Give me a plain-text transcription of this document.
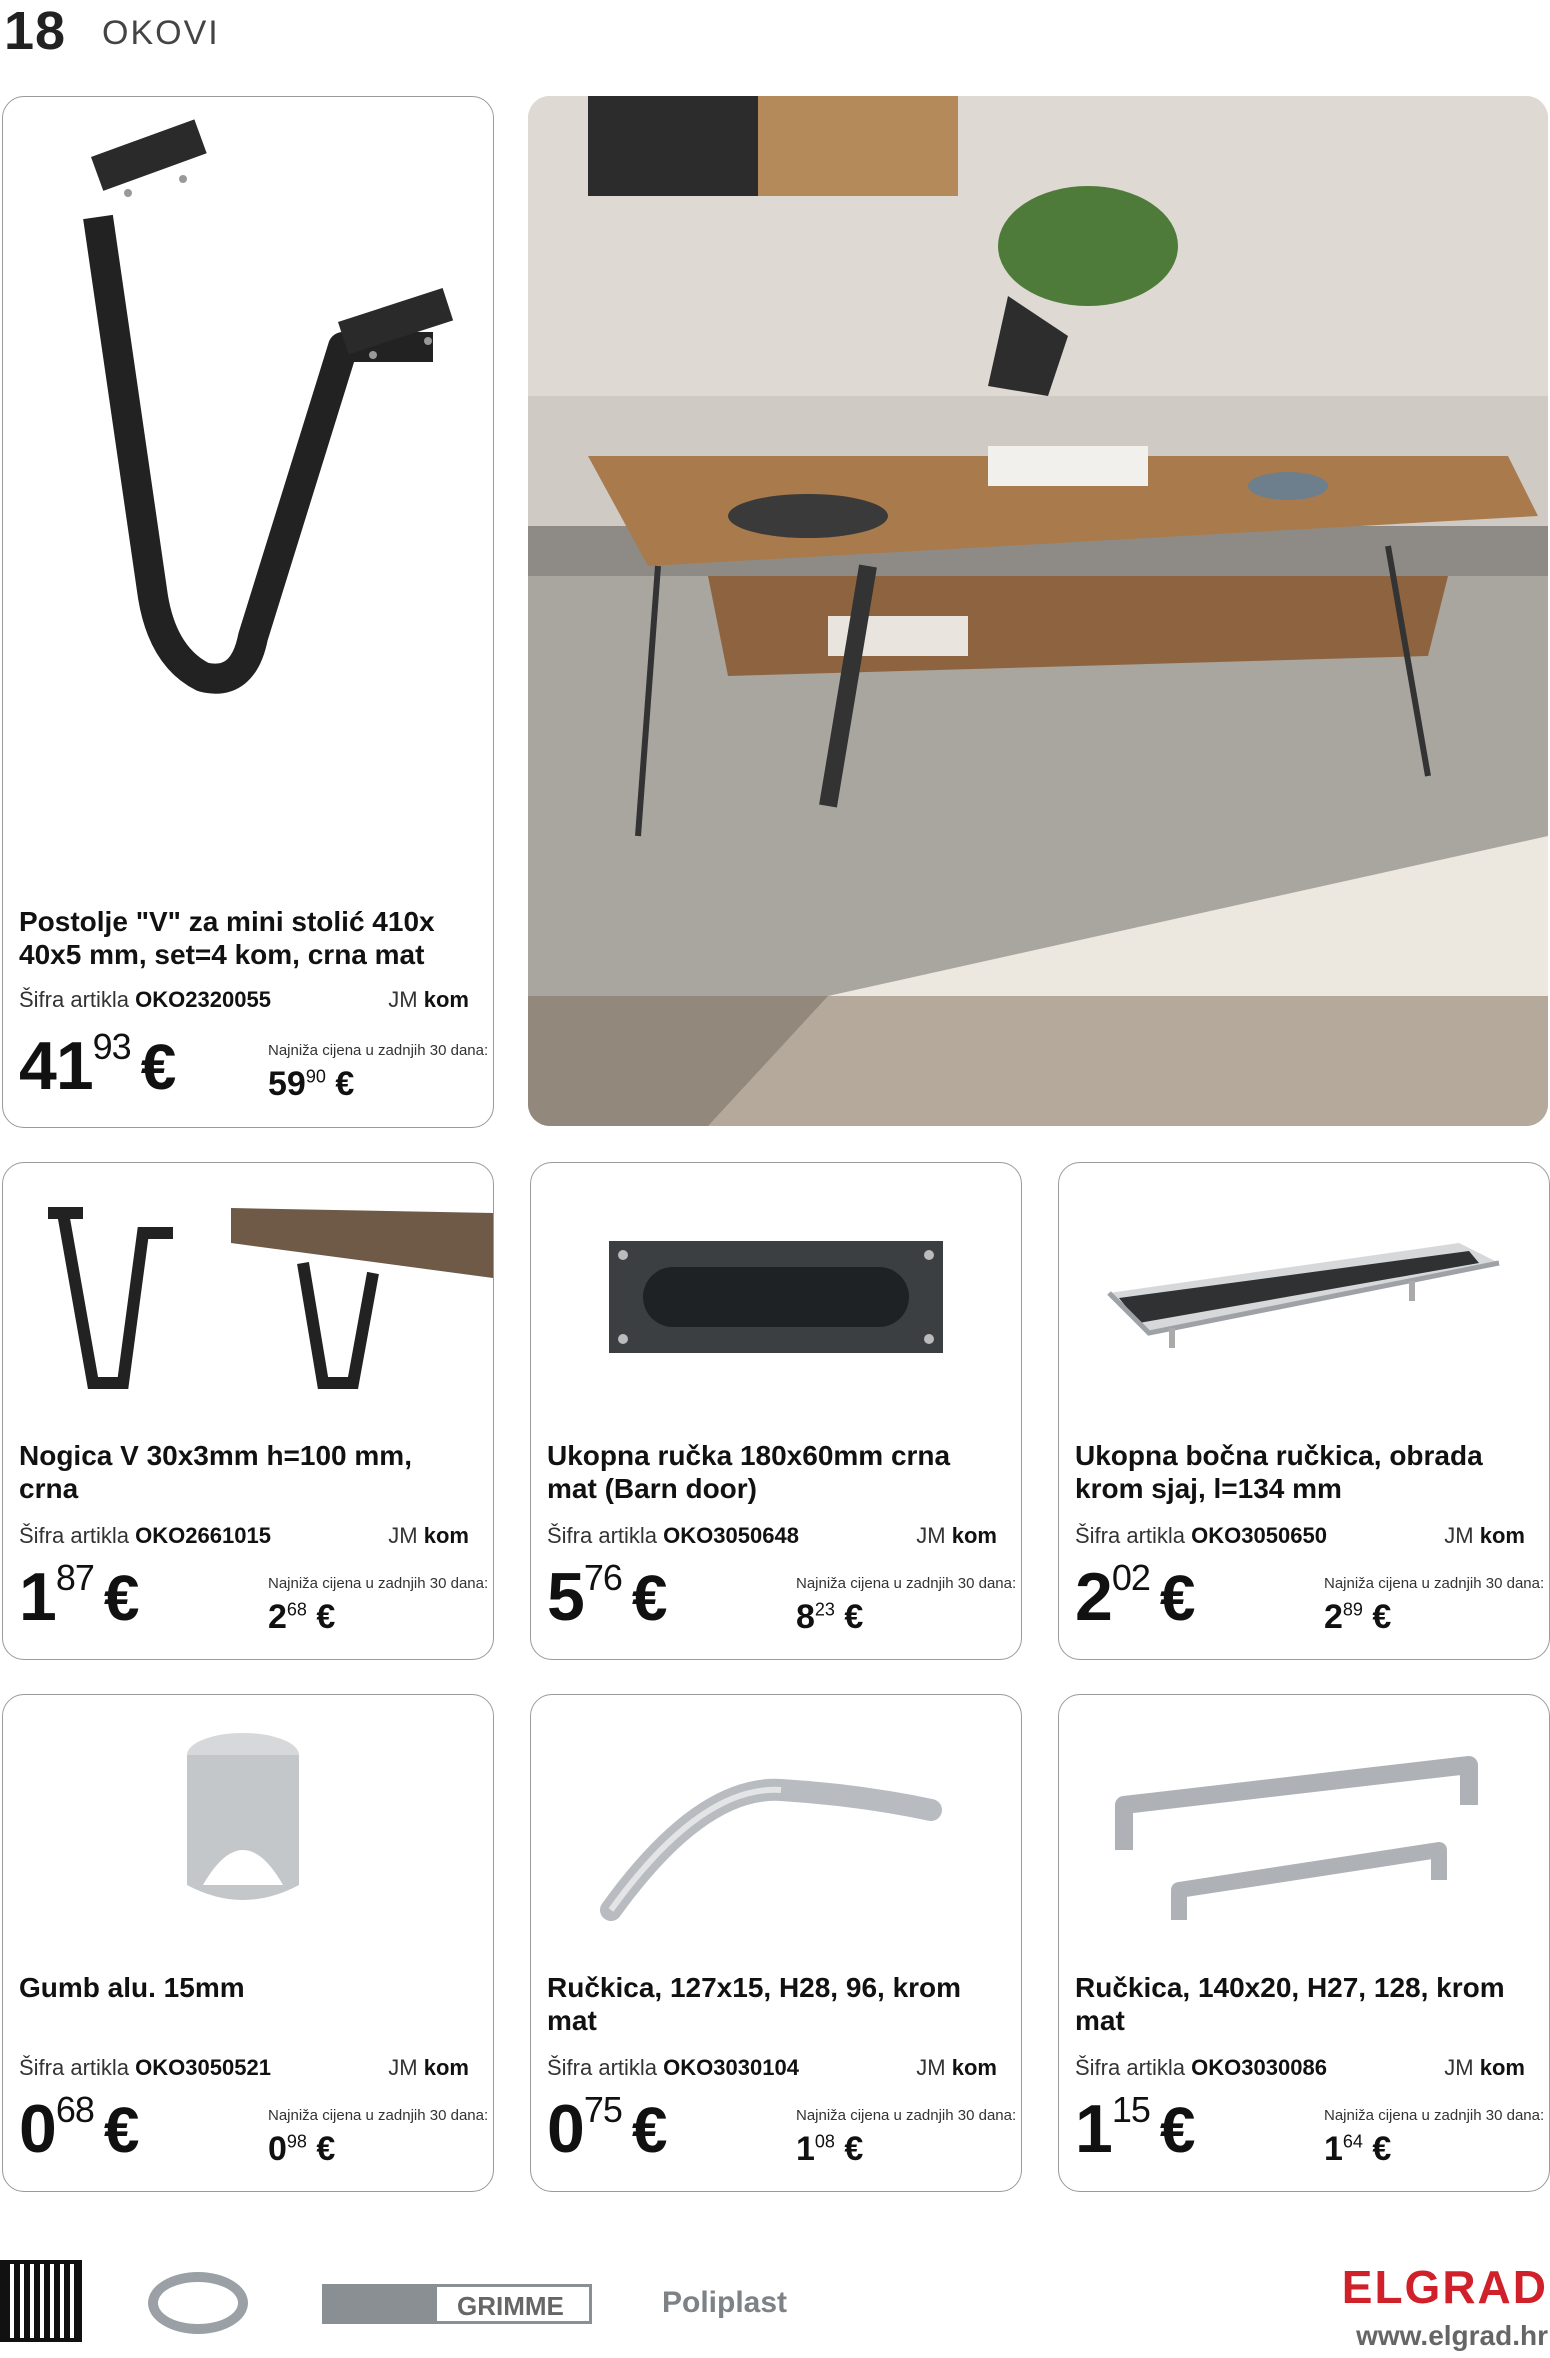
18 OKOVI
Postolje "V" za mini stolić 410x 40x5 mm, set=4 kom, crna mat
Šifra artikla OKO2320055	JM kom
$41^{93}$ €	Najniža cijena u zadnjih 30 dana:
$59^{90}$ €
Nogica V 30x3mm h=100 mm, crna
Šifra artikla OKO2661015	JM kom
$1^{87}$ €	Najniža cijena u zadnjih 30 dana:
$2^{68}$ €
Ukopna ručka 180x60mm crna mat (Barn door)
Šifra artikla OKO3050648	JM kom
$5^{76}$ €	Najniža cijena u zadnjih 30 dana:
$8^{23}$ €
Ukopna bočna ručkica, obrada krom sjaj, l=134 mm
Šifra artikla OKO3050650	JM kom
$2^{02}$ €	Najniža cijena u zadnjih 30 dana:
$2^{89}$ €
Gumb alu. 15mm
Šifra artikla OKO3050521	JM kom
$0^{68}$ €	Najniža cijena u zadnjih 30 dana:
$0^{98}$ €
Ručkica, 127x15, H28, 96, krom mat
Šifra artikla OKO3030104	JM kom
$0^{75}$ €	Najniža cijena u zadnjih 30 dana:
$1^{08}$ €
Ručkica, 140x20, H27, 128, krom mat
Šifra artikla OKO3030086	JM kom
$1^{15}$ €	Najniža cijena u zadnjih 30 dana:
$1^{64}$ €
GRIMME	Poliplast	ELGRAD
www.elgrad.hr
